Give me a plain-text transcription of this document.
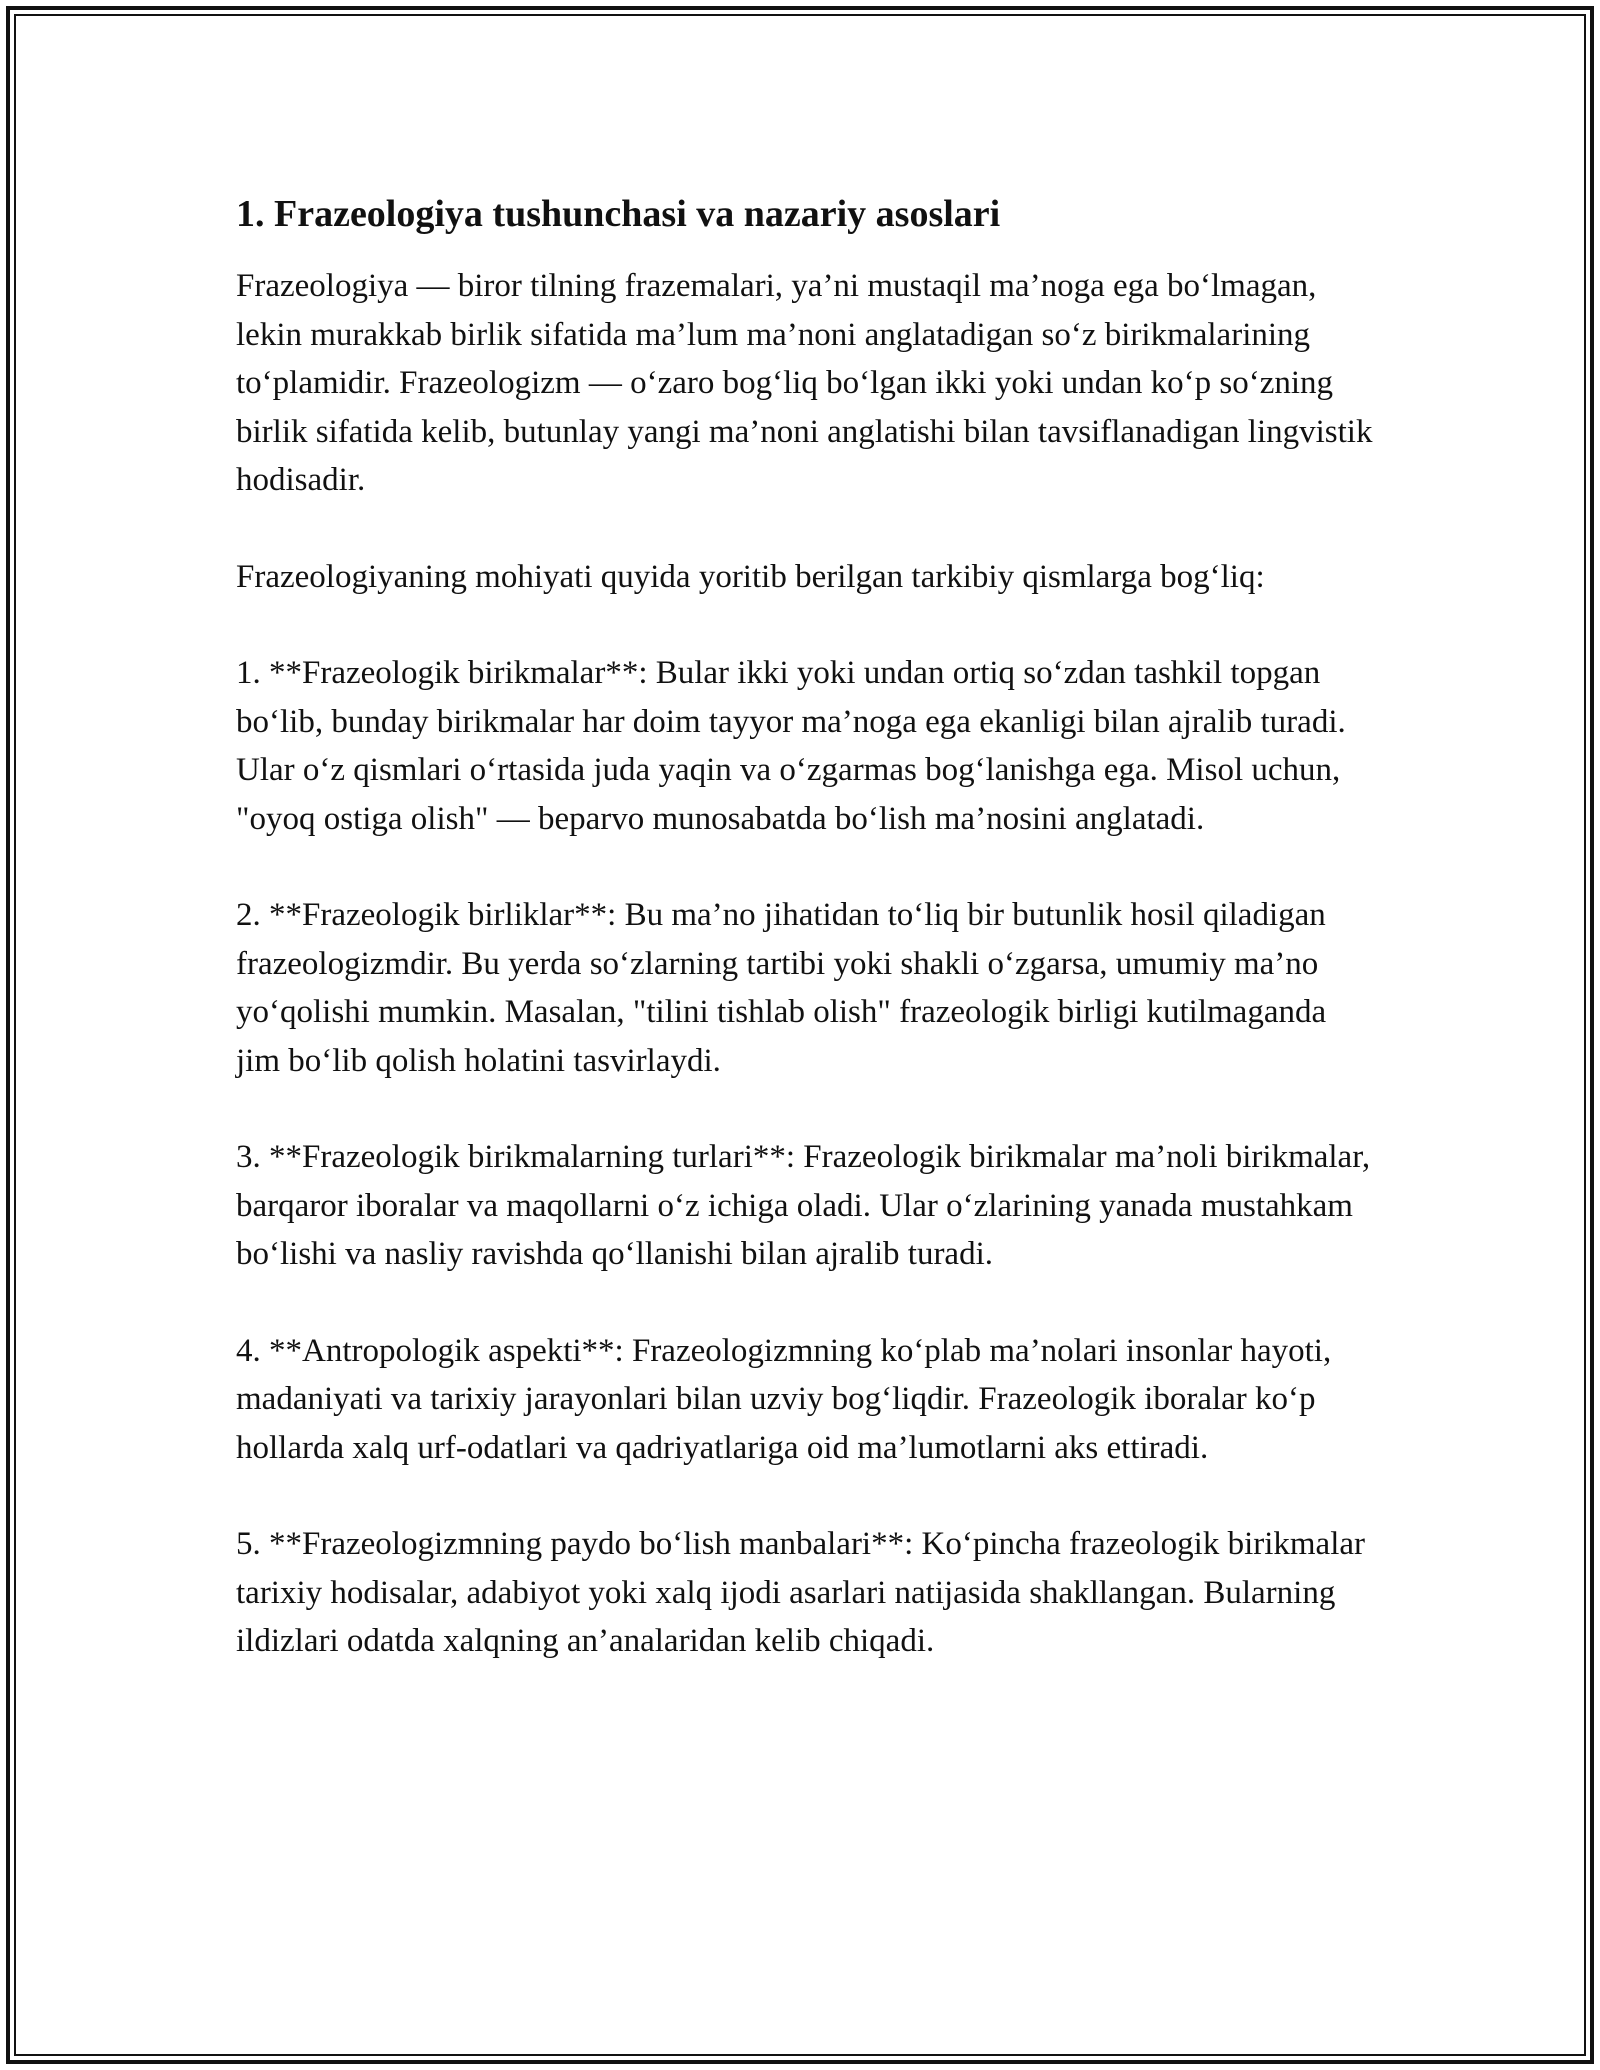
1. Frazeologiya tushunchasi va nazariy asoslari

Frazeologiya — biror tilning frazemalari, ya’ni mustaqil ma’noga ega bo‘lmagan, lekin murakkab birlik sifatida ma’lum ma’noni anglatadigan so‘z birikmalarining to‘plamidir. Frazeologizm — o‘zaro bog‘liq bo‘lgan ikki yoki undan ko‘p so‘zning birlik sifatida kelib, butunlay yangi ma’noni anglatishi bilan tavsiflanadigan lingvistik hodisadir.

Frazeologiyaning mohiyati quyida yoritib berilgan tarkibiy qismlarga bog‘liq:

1. **Frazeologik birikmalar**: Bular ikki yoki undan ortiq so‘zdan tashkil topgan bo‘lib, bunday birikmalar har doim tayyor ma’noga ega ekanligi bilan ajralib turadi. Ular o‘z qismlari o‘rtasida juda yaqin va o‘zgarmas bog‘lanishga ega. Misol uchun, "oyoq ostiga olish" — beparvo munosabatda bo‘lish ma’nosini anglatadi.

2. **Frazeologik birliklar**: Bu ma’no jihatidan to‘liq bir butunlik hosil qiladigan frazeologizmdir. Bu yerda so‘zlarning tartibi yoki shakli o‘zgarsa, umumiy ma’no yo‘qolishi mumkin. Masalan, "tilini tishlab olish" frazeologik birligi kutilmaganda jim bo‘lib qolish holatini tasvirlaydi.

3. **Frazeologik birikmalarning turlari**: Frazeologik birikmalar ma’noli birikmalar, barqaror iboralar va maqollarni o‘z ichiga oladi. Ular o‘zlarining yanada mustahkam bo‘lishi va nasliy ravishda qo‘llanishi bilan ajralib turadi.

4. **Antropologik aspekti**: Frazeologizmning ko‘plab ma’nolari insonlar hayoti, madaniyati va tarixiy jarayonlari bilan uzviy bog‘liqdir. Frazeologik iboralar ko‘p hollarda xalq urf-odatlari va qadriyatlariga oid ma’lumotlarni aks ettiradi.

5. **Frazeologizmning paydo bo‘lish manbalari**: Ko‘pincha frazeologik birikmalar tarixiy hodisalar, adabiyot yoki xalq ijodi asarlari natijasida shakllangan. Bularning ildizlari odatda xalqning an’analaridan kelib chiqadi.
